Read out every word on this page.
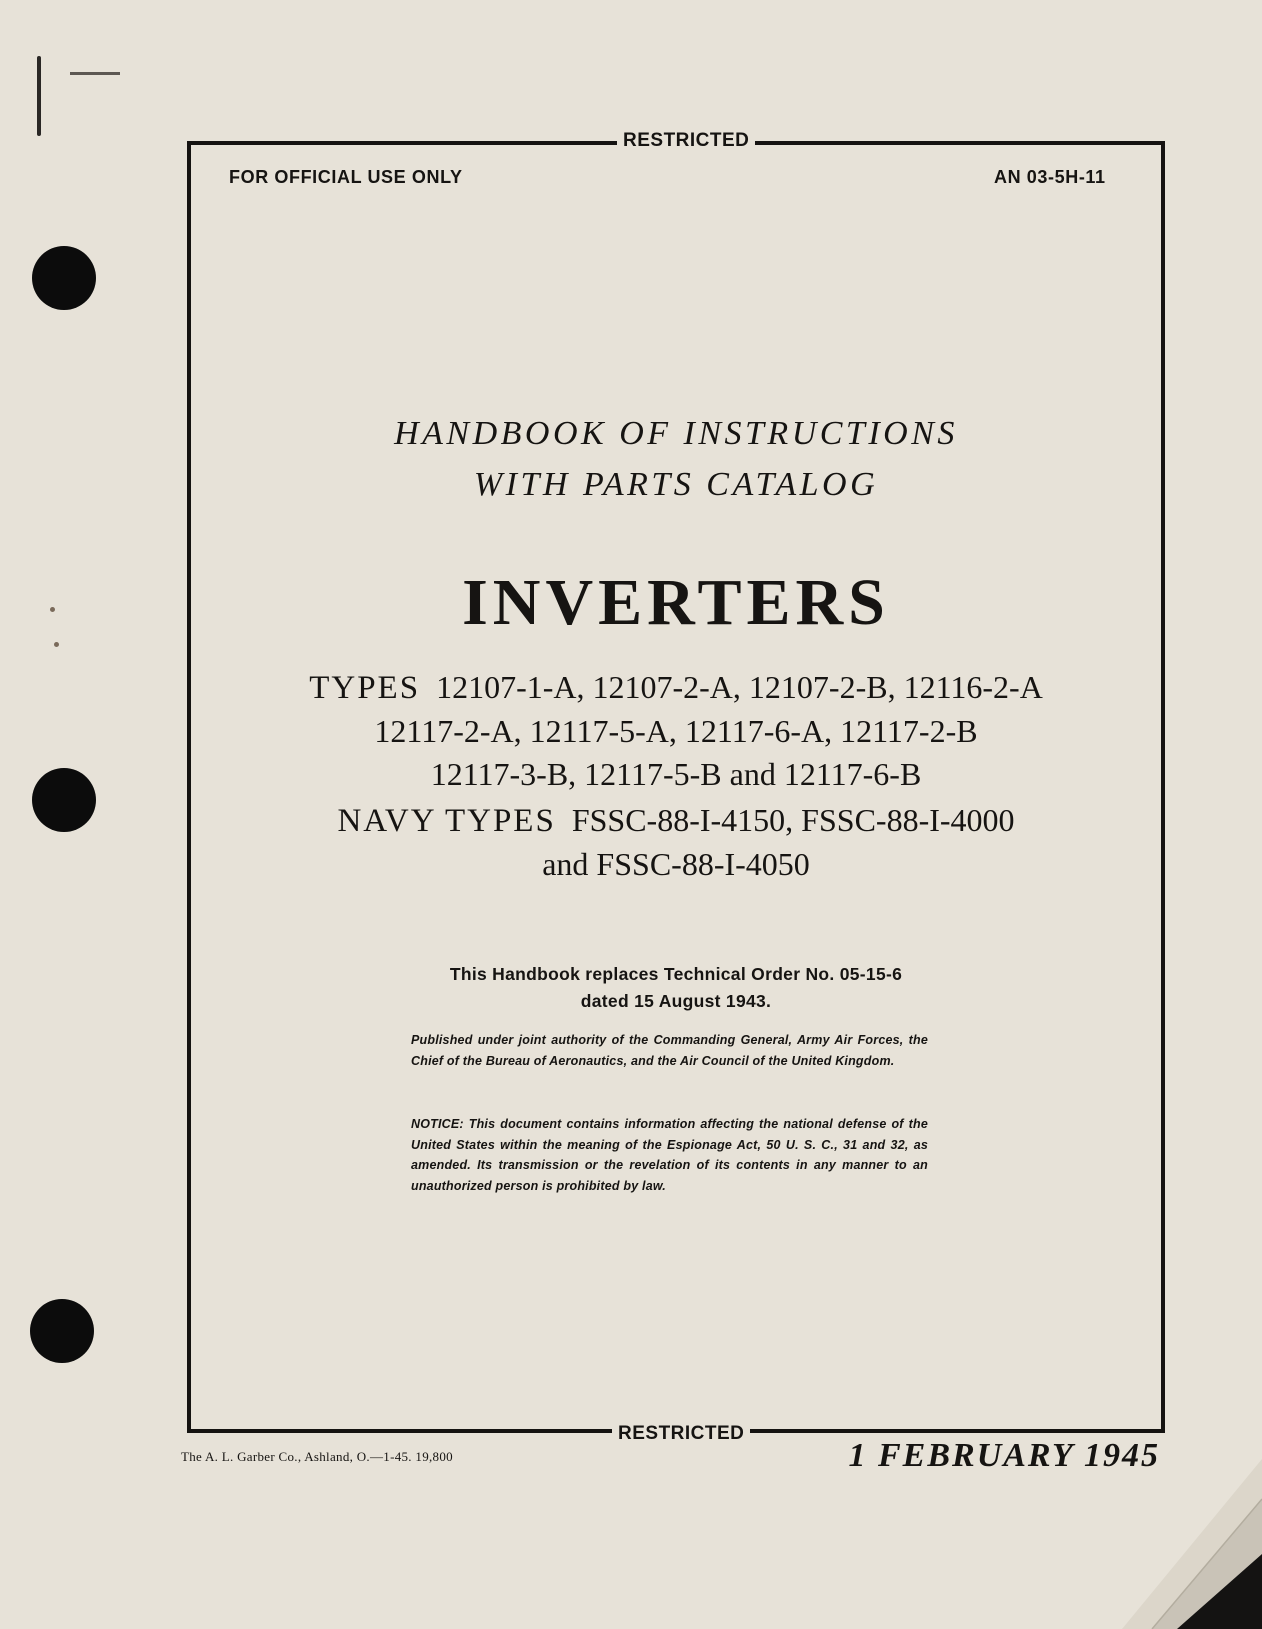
RESTRICTED
RESTRICTED
FOR OFFICIAL USE ONLY	AN 03-5H-11
HANDBOOK OF INSTRUCTIONS
WITH PARTS CATALOG
INVERTERS
TYPES 12107-1-A, 12107-2-A, 12107-2-B, 12116-2-A
12117-2-A, 12117-5-A, 12117-6-A, 12117-2-B
12117-3-B, 12117-5-B and 12117-6-B
NAVY TYPES FSSC-88-I-4150, FSSC-88-I-4000
and FSSC-88-I-4050
This Handbook replaces Technical Order No. 05-15-6
dated 15 August 1943.
Published under joint authority of the Commanding General, Army Air Forces, the Chief of the Bureau of Aeronautics, and the Air Council of the United Kingdom.
NOTICE: This document contains information affecting the national defense of the United States within the meaning of the Espionage Act, 50 U. S. C., 31 and 32, as amended. Its transmission or the revelation of its contents in any manner to an unauthorized person is prohibited by law.
The A. L. Garber Co., Ashland, O.—1-45. 19,800	1 FEBRUARY 1945
